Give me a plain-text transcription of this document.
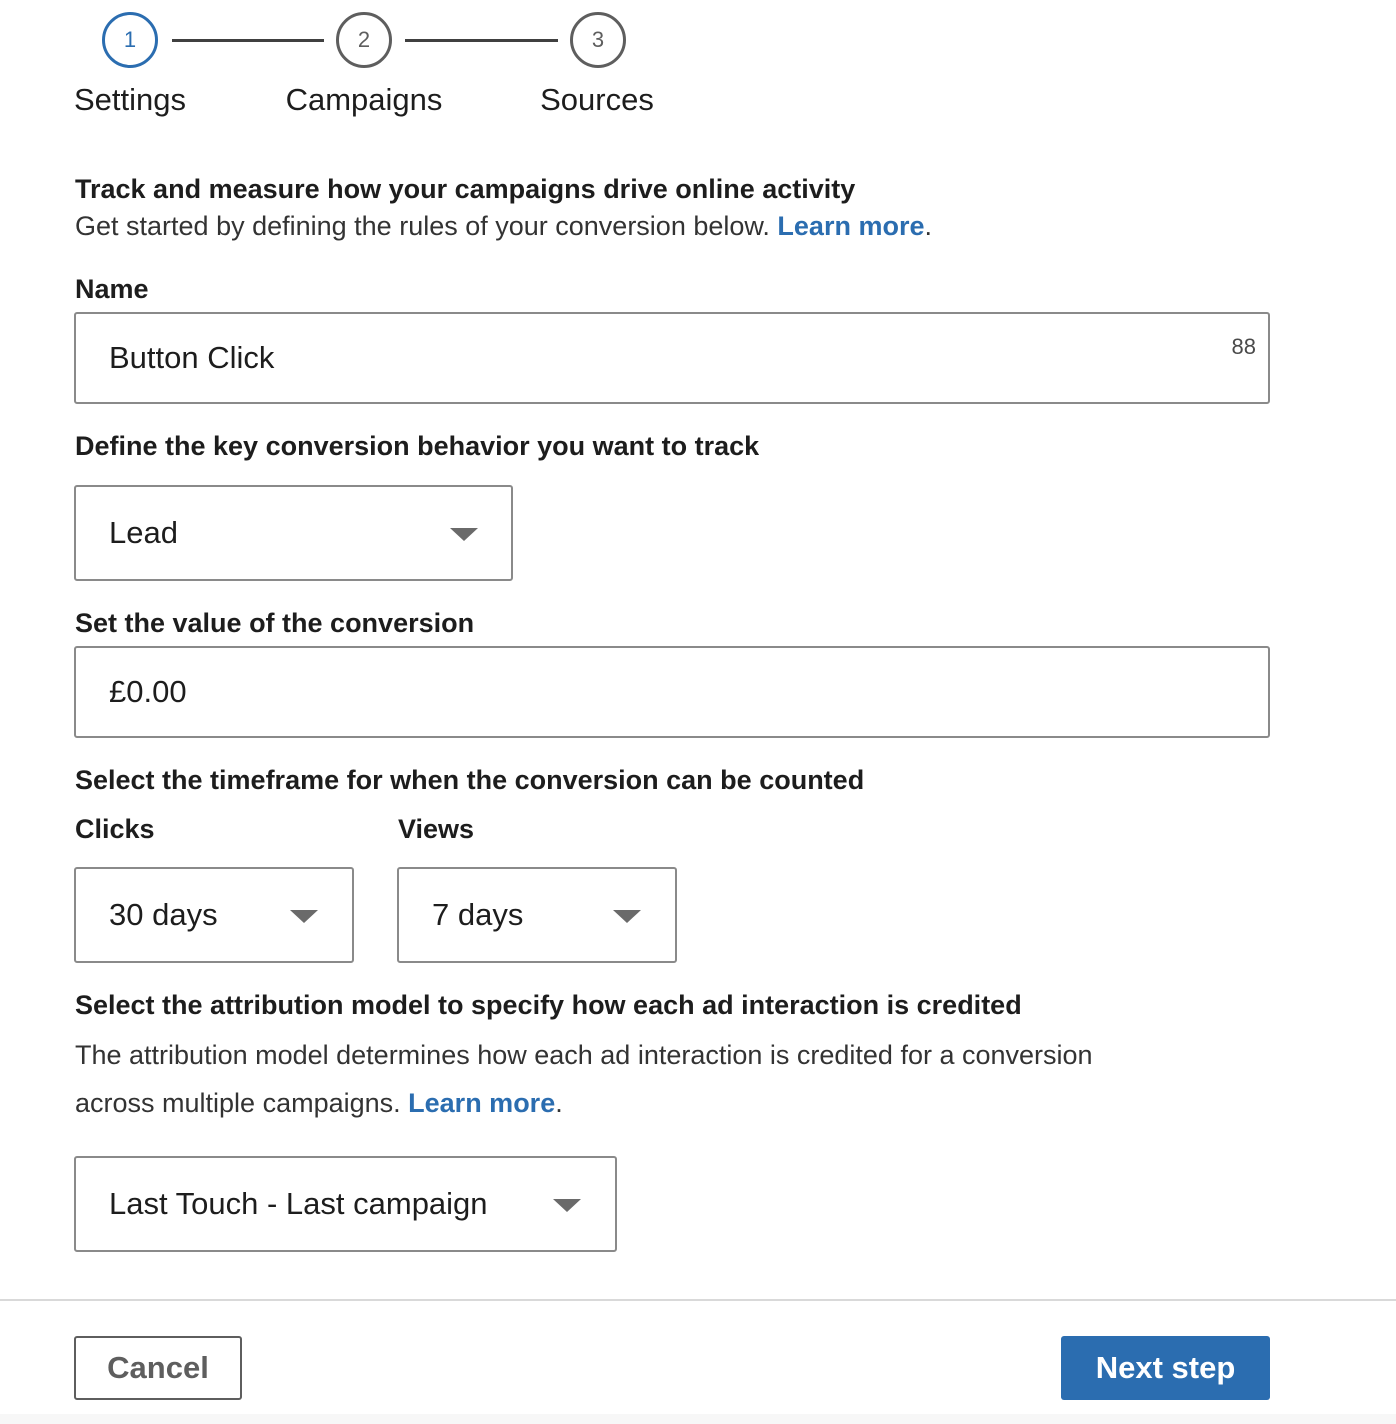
1	2	3
Settings	Campaigns	Sources
Track and measure how your campaigns drive online activity
Get started by defining the rules of your conversion below. Learn more.
Name
Button Click	88
Define the key conversion behavior you want to track
Lead
Set the value of the conversion
£0.00
Select the timeframe for when the conversion can be counted
Clicks	Views
30 days	7 days
Select the attribution model to specify how each ad interaction is credited
The attribution model determines how each ad interaction is credited for a conversion
across multiple campaigns. Learn more.
Last Touch - Last campaign
Cancel	Next step
